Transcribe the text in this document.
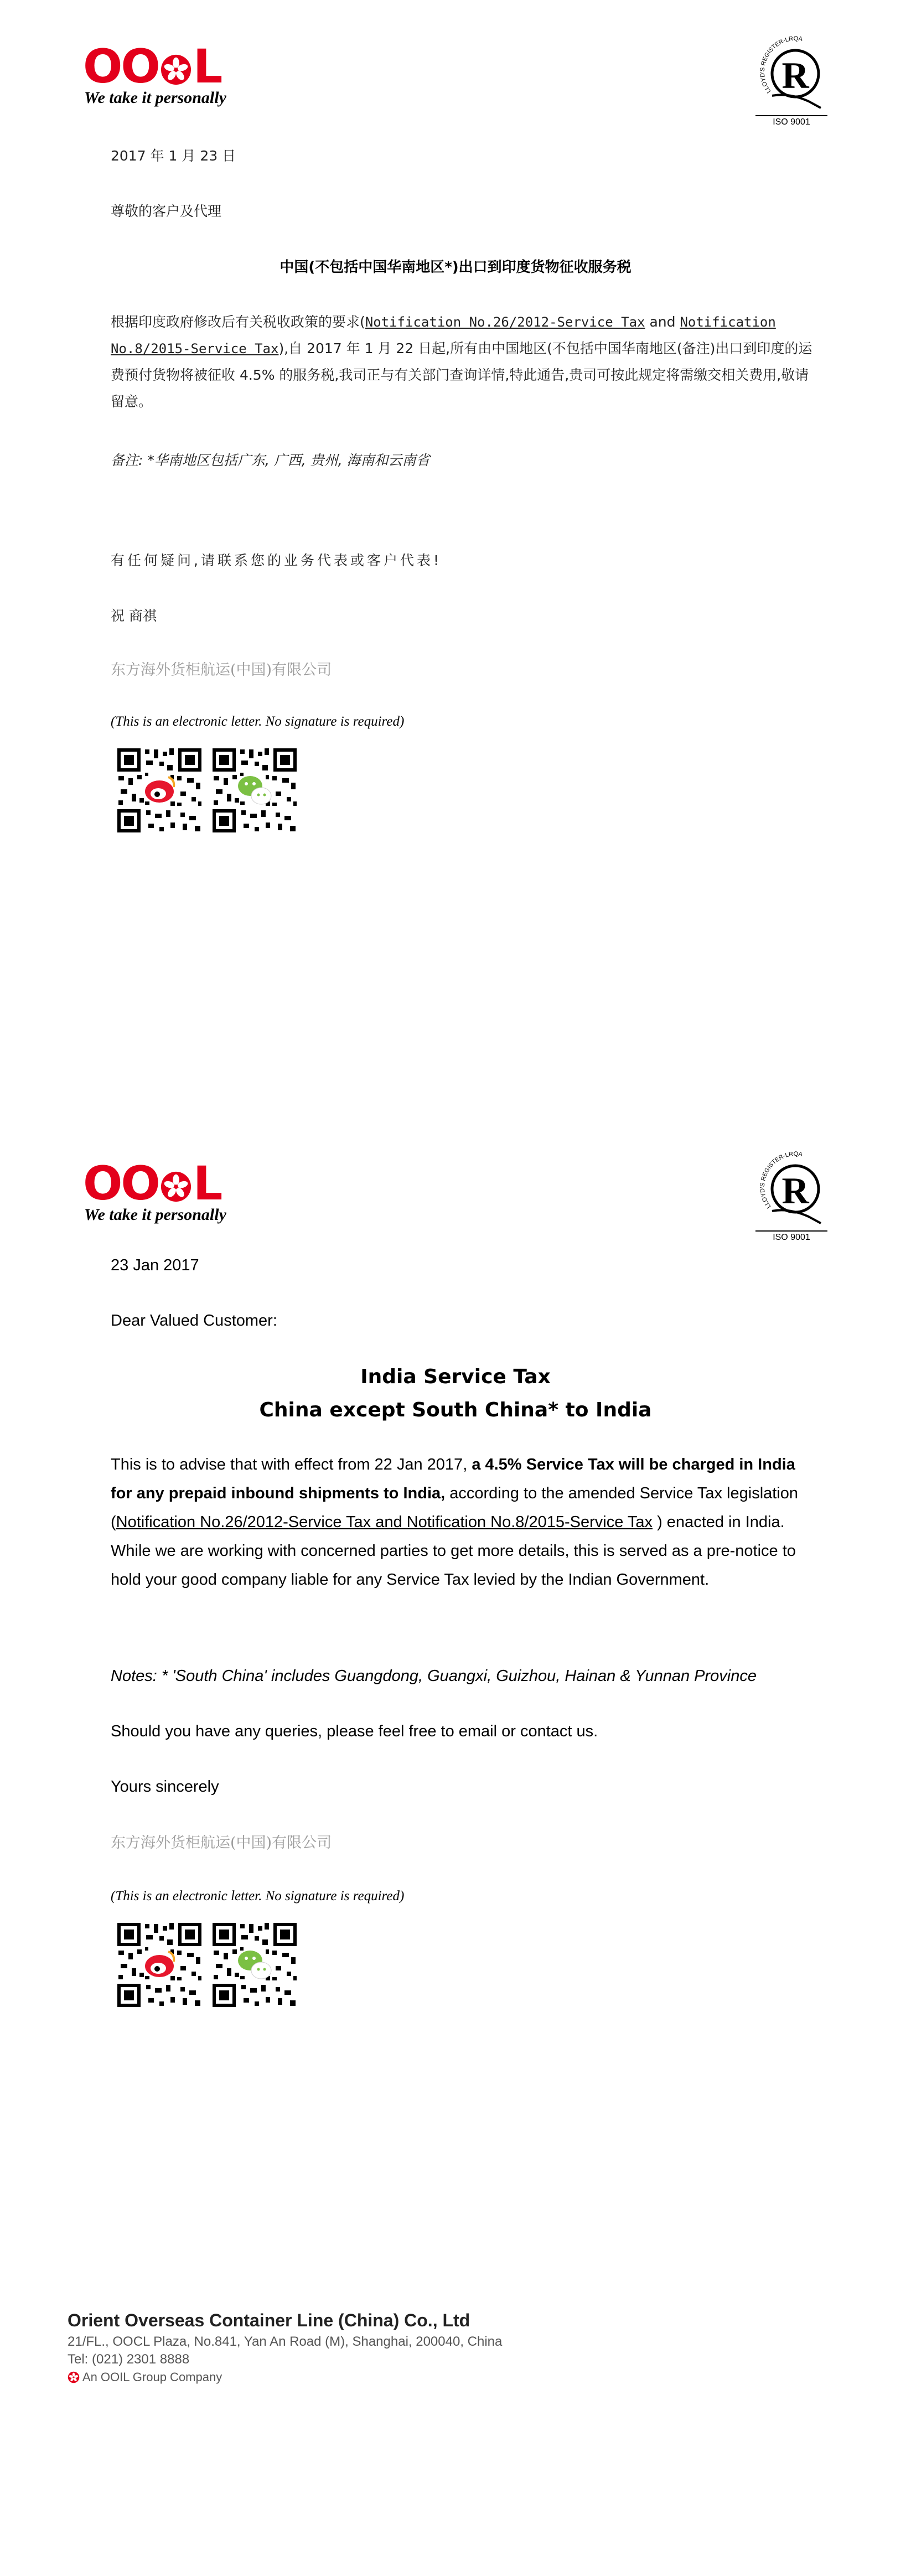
OO L
We take it personally	LLOYD'S REGISTER-LRQA
R
ISO 9001
2017 年 1 月 23 日
尊敬的客户及代理
中国(不包括中国华南地区*)出口到印度货物征收服务税
根据印度政府修改后有关税收政策的要求(Notification No.26/2012-Service Tax and Notification No.8/2015-Service Tax),自 2017 年 1 月 22 日起,所有由中国地区(不包括中国华南地区(备注)出口到印度的运费预付货物将被征收 4.5% 的服务税,我司正与有关部门查询详情,特此通告,贵司可按此规定将需缴交相关费用,敬请留意。
备注: *华南地区包括广东, 广西, 贵州, 海南和云南省
有任何疑问,请联系您的业务代表或客户代表!
祝 商祺
东方海外货柜航运(中国)有限公司
(This is an electronic letter. No signature is required)
OO L
We take it personally	LLOYD'S REGISTER-LRQA
R
ISO 9001
23 Jan 2017
Dear Valued Customer:
India Service Tax
China except South China* to India
This is to advise that with effect from 22 Jan 2017, a 4.5% Service Tax will be charged in India for any prepaid inbound shipments to India, according to the amended Service Tax legislation (Notification No.26/2012-Service Tax and Notification No.8/2015-Service Tax ) enacted in India. While we are working with concerned parties to get more details, this is served as a pre-notice to hold your good company liable for any Service Tax levied by the Indian Government.
Notes: * 'South China' includes Guangdong, Guangxi, Guizhou, Hainan & Yunnan Province
Should you have any queries, please feel free to email or contact us.
Yours sincerely
东方海外货柜航运(中国)有限公司
(This is an electronic letter. No signature is required)
Orient Overseas Container Line (China) Co., Ltd
21/FL., OOCL Plaza, No.841, Yan An Road (M), Shanghai, 200040, China
Tel: (021) 2301 8888
An OOIL Group Company
